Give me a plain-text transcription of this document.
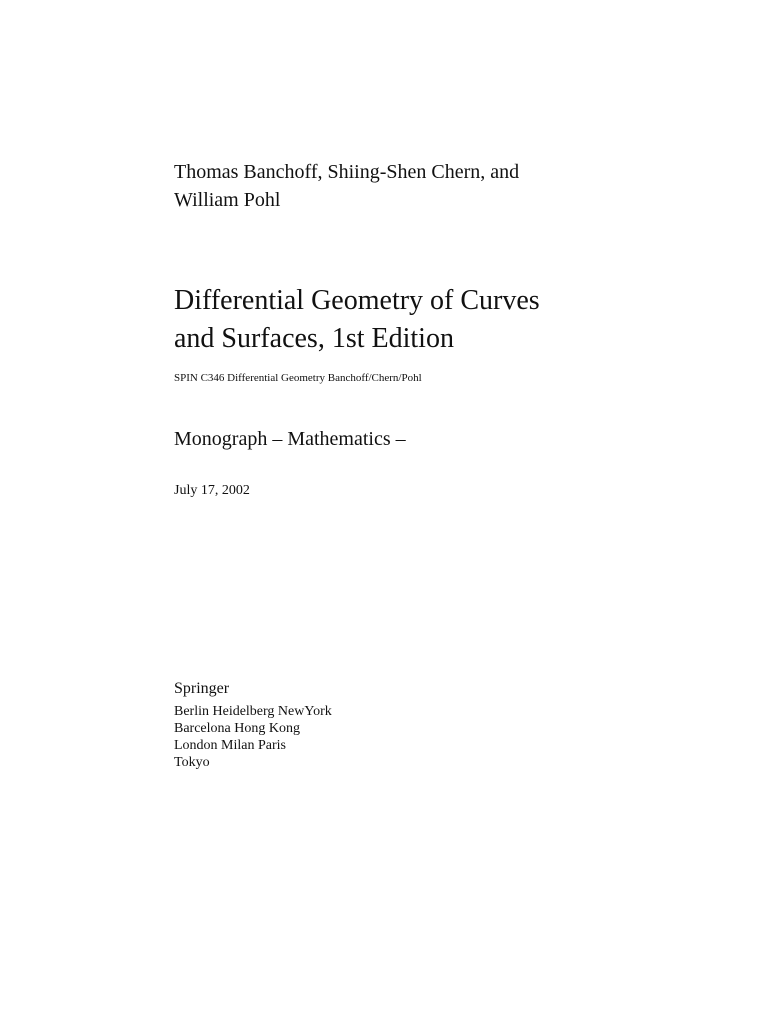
Thomas Banchoff, Shiing-Shen Chern, and
William Pohl
Differential Geometry of Curves
and Surfaces, 1st Edition
SPIN C346 Differential Geometry Banchoff/Chern/Pohl
Monograph – Mathematics –
July 17, 2002
Springer
Berlin Heidelberg NewYork
Barcelona Hong Kong
London Milan Paris
Tokyo
